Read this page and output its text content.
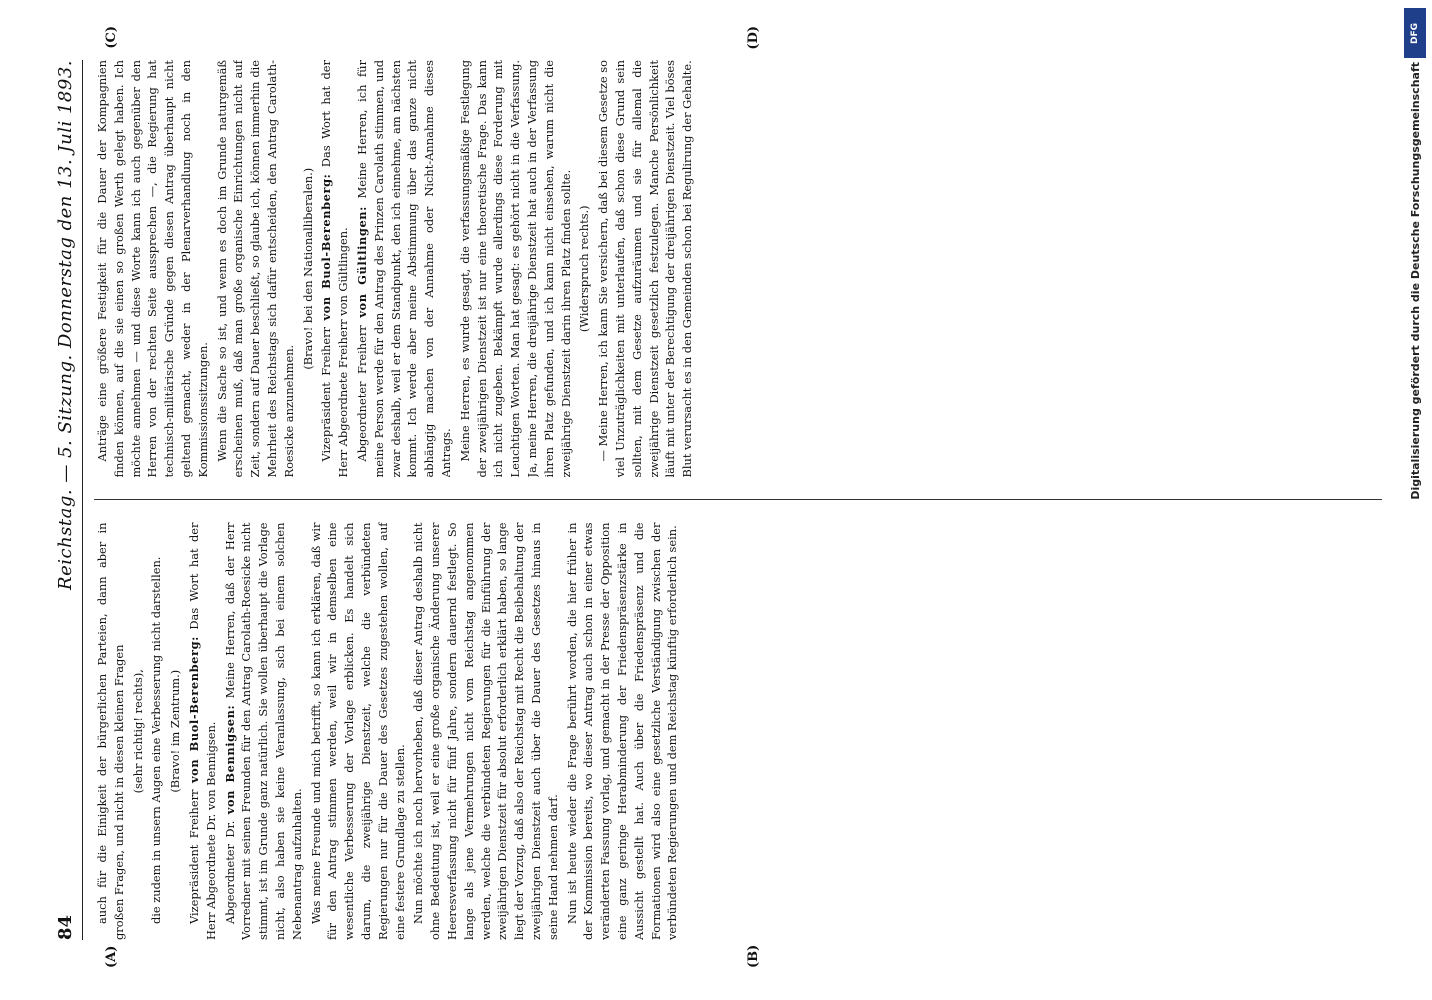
84
Reichstag. — 5. Sitzung. Donnerstag den 13. Juli 1893.

auch für die Einigkeit der bürgerlichen Parteien, dann aber in großen Fragen, und nicht in diesen kleinen Fragen (sehr richtig! rechts), die zudem in unsern Augen eine Verbesserung nicht darstellen. (Bravo! im Zentrum.)

Vizepräsident Freiherr von Buol-Berenberg: Das Wort hat der Herr Abgeordnete Dr. von Bennigsen. Abgeordneter Dr. von Bennigsen: Meine Herren, daß der Herr Vorredner mit seinen Freunden für den Antrag Carolath-Roesicke nicht stimmt, ist im Grunde ganz natürlich. Sie wollen überhaupt die Vorlage nicht, also haben sie keine Veranlassung, sich bei einem solchen Nebenantrag aufzuhalten. Was meine Freunde und mich betrifft, so kann ich erklären, daß wir für den Antrag stimmen werden, weil wir in demselben eine wesentliche Verbesserung der Vorlage erblicken. Es handelt sich darum, die zweijährige Dienstzeit, welche die verbündeten Regierungen nur für die Dauer des Gesetzes zugestehen wollen, auf eine festere Grundlage zu stellen. Nun möchte ich noch hervorheben, daß dieser Antrag deshalb nicht ohne Bedeutung ist, weil er eine große organische Änderung unserer Heeresverfassung nicht für fünf Jahre, sondern dauernd festlegt. So lange als jene Vermehrungen nicht vom Reichstag angenommen werden, welche die verbündeten Regierungen für die Einführung der zweijährigen Dienstzeit für absolut erforderlich erklärt haben, so lange liegt der Vorzug, daß also der Reichstag mit Recht die Beibehaltung der zweijährigen Dienstzeit auch über die Dauer des Gesetzes hinaus in seine Hand nehmen darf. Nun ist heute wieder die Frage berührt worden, die hier früher in der Kommission bereits, wo dieser Antrag auch schon in einer etwas veränderten Fassung vorlag, und gemacht in der Presse der Opposition eine ganz geringe Herabminderung der Friedenspräsenzstärke in Aussicht gestellt hat. Auch über die Friedenspräsenz und die Formationen wird also eine gesetzliche Verständigung zwischen der verbündeten Regierungen und dem Reichstag künftig erforderlich sein.

Anträge eine größere Festigkeit für die Dauer der Kompagnien finden können, auf die sie einen so großen Werth gelegt haben. Ich möchte annehmen — und diese Worte kann ich auch gegenüber den Herren von der rechten Seite aussprechen —, die Regierung hat technisch-militärische Gründe gegen diesen Antrag überhaupt nicht geltend gemacht, weder in der Plenarverhandlung noch in den Kommissionssitzungen. Wenn die Sache so ist, und wenn es doch im Grunde naturgemäß erscheinen muß, daß man große organische Einrichtungen nicht auf Zeit, sondern auf Dauer beschließt, so glaube ich, können immerhin die Mehrheit des Reichstags sich dafür entscheiden, den Antrag Carolath-Roesicke anzunehmen.

(Bravo! bei den Nationalliberalen.)

Vizepräsident Freiherr von Buol-Berenberg: Das Wort hat der Herr Abgeordnete Freiherr von Gültlingen. Abgeordneter Freiherr von Gültlingen: Meine Herren, ich für meine Person werde für den Antrag des Prinzen Carolath stimmen, und zwar deshalb, weil er dem Standpunkt, den ich einnehme, am nächsten kommt. Ich werde aber meine Abstimmung über das ganze nicht abhängig machen von der Annahme oder Nicht-Annahme dieses Antrags. Meine Herren, es wurde gesagt, die verfassungsmäßige Festlegung der zweijährigen Dienstzeit ist nur eine theoretische Frage. Das kann ich nicht zugeben. Bekämpft wurde allerdings diese Forderung mit Leuchtigen Worten. Man hat gesagt: es gehört nicht in die Verfassung. Ja, meine Herren, die dreijährige Dienstzeit hat auch in der Verfassung ihren Platz gefunden, und ich kann nicht einsehen, warum nicht die zweijährige Dienstzeit darin ihren Platz finden sollte. (Widerspruch rechts.) — Meine Herren, ich kann Sie versichern, daß bei diesem Gesetze so viel Unzuträglichkeiten mit unterlaufen, daß schon diese Grund sein sollten, mit dem Gesetze aufzuräumen und sie für allemal die zweijährige Dienstzeit gesetzlich festzulegen. Manche Persönlichkeit läuft mit unter der Berechtigung der dreijährigen Dienstzeit. Viel böses Blut verursacht es in den Gemeinden schon bei Regulirung der Gehalte.

(A)	(B)
(C)	(D)	DFG
Digitalisierung gefördert durch die Deutsche Forschungsgemeinschaft
